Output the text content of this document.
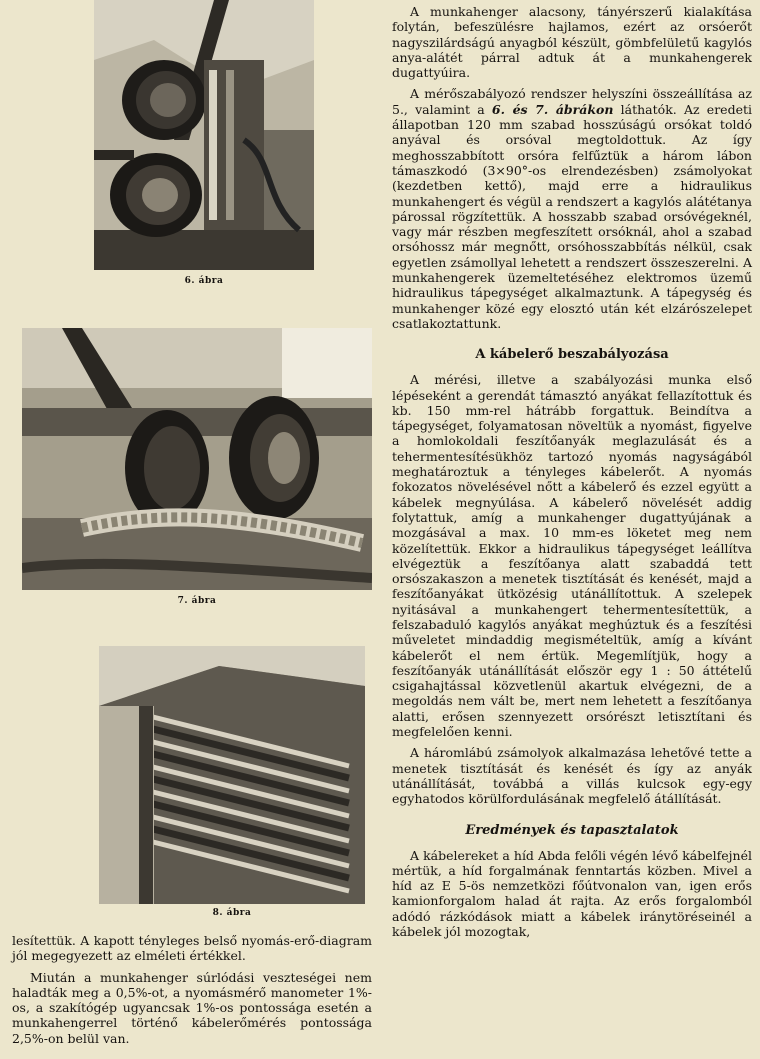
6. ábra
7. ábra
8. ábra

lesítettük. A kapott tényleges belső nyomás-erő-diagram jól megegyezett az elméleti értékkel.

Miután a munkahenger súrlódási veszteségei nem haladták meg a 0,5%-ot, a nyomásmérő manometer 1%-os, a szakítógép ugyancsak 1%-os pontossága esetén a munkahengerrel történő kábelerőmérés pontossága 2,5%-on belül van.

A munkahenger alacsony, tányérszerű kialakítása folytán, befeszülésre hajlamos, ezért az orsóerőt nagyszilárdságú anyagból készült, gömbfelületű kagylós anya-alátét párral adtuk át a munkahengerek dugattyúira.

A mérőszabályozó rendszer helyszíni összeállítása az 5., valamint a 6. és 7. ábrákon láthatók. Az eredeti állapotban 120 mm szabad hosszúságú orsókat toldó anyával és orsóval megtoldottuk. Az így meghosszabbított orsóra felfűztük a három lábon támaszkodó (3×90°-os elrendezésben) zsámolyokat (kezdetben kettő), majd erre a hidraulikus munkahengert és végül a rendszert a kagylós alátétanya párossal rögzítettük. A hosszabb szabad orsóvégeknél, vagy már részben megfeszített orsóknál, ahol a szabad orsóhossz már megnőtt, orsóhosszabbítás nélkül, csak egyetlen zsámollyal lehetett a rendszert összeszerelni. A munkahengerek üzemeltetéséhez elektromos üzemű hidraulikus tápegységet alkalmaztunk. A tápegység és munkahenger közé egy elosztó után két elzárószelepet csatlakoztattunk.

A kábelerő beszabályozása

A mérési, illetve a szabályozási munka első lépéseként a gerendát támasztó anyákat fellazítottuk és kb. 150 mm-rel hátrább forgattuk. Beindítva a tápegységet, folyamatosan növeltük a nyomást, figyelve a homlokoldali feszítőanyák meglazulását és a tehermentesítésükhöz tartozó nyomás nagyságából meghatároztuk a tényleges kábelerőt. A nyomás fokozatos növelésével nőtt a kábelerő és ezzel együtt a kábelek megnyúlása. A kábelerő növelését addig folytattuk, amíg a munkahenger dugattyújának a mozgásával a max. 10 mm-es löketet meg nem közelítettük. Ekkor a hidraulikus tápegységet leállítva elvégeztük a feszítőanya alatt szabaddá tett orsószakaszon a menetek tisztítását és kenését, majd a feszítőanyákat ütközésig utánállítottuk. A szelepek nyitásával a munkahengert tehermentesítettük, a felszabaduló kagylós anyákat meghúztuk és a feszítési műveletet mindaddig megismételtük, amíg a kívánt kábelerőt el nem értük. Megemlítjük, hogy a feszítőanyák utánállítását először egy 1 : 50 áttételű csigahajtással közvetlenül akartuk elvégezni, de a megoldás nem vált be, mert nem lehetett a feszítőanya alatti, erősen szennyezett orsórészt letisztítani és megfelelően kenni.

A háromlábú zsámolyok alkalmazása lehetővé tette a menetek tisztítását és kenését és így az anyák utánállítását, továbbá a villás kulcsok egy-egy egyhatodos körülfordulásának megfelelő átállítását.

Eredmények és tapasztalatok

A kábelereket a híd Abda felőli végén lévő kábelfejnél mértük, a híd forgalmának fenntartás közben. Mivel a híd az E 5-ös nemzetközi főútvonalon van, igen erős kamionforgalom halad át rajta. Az erős forgalomból adódó rázkódások miatt a kábelek iránytöréseinél a kábelek jól mozogtak,
